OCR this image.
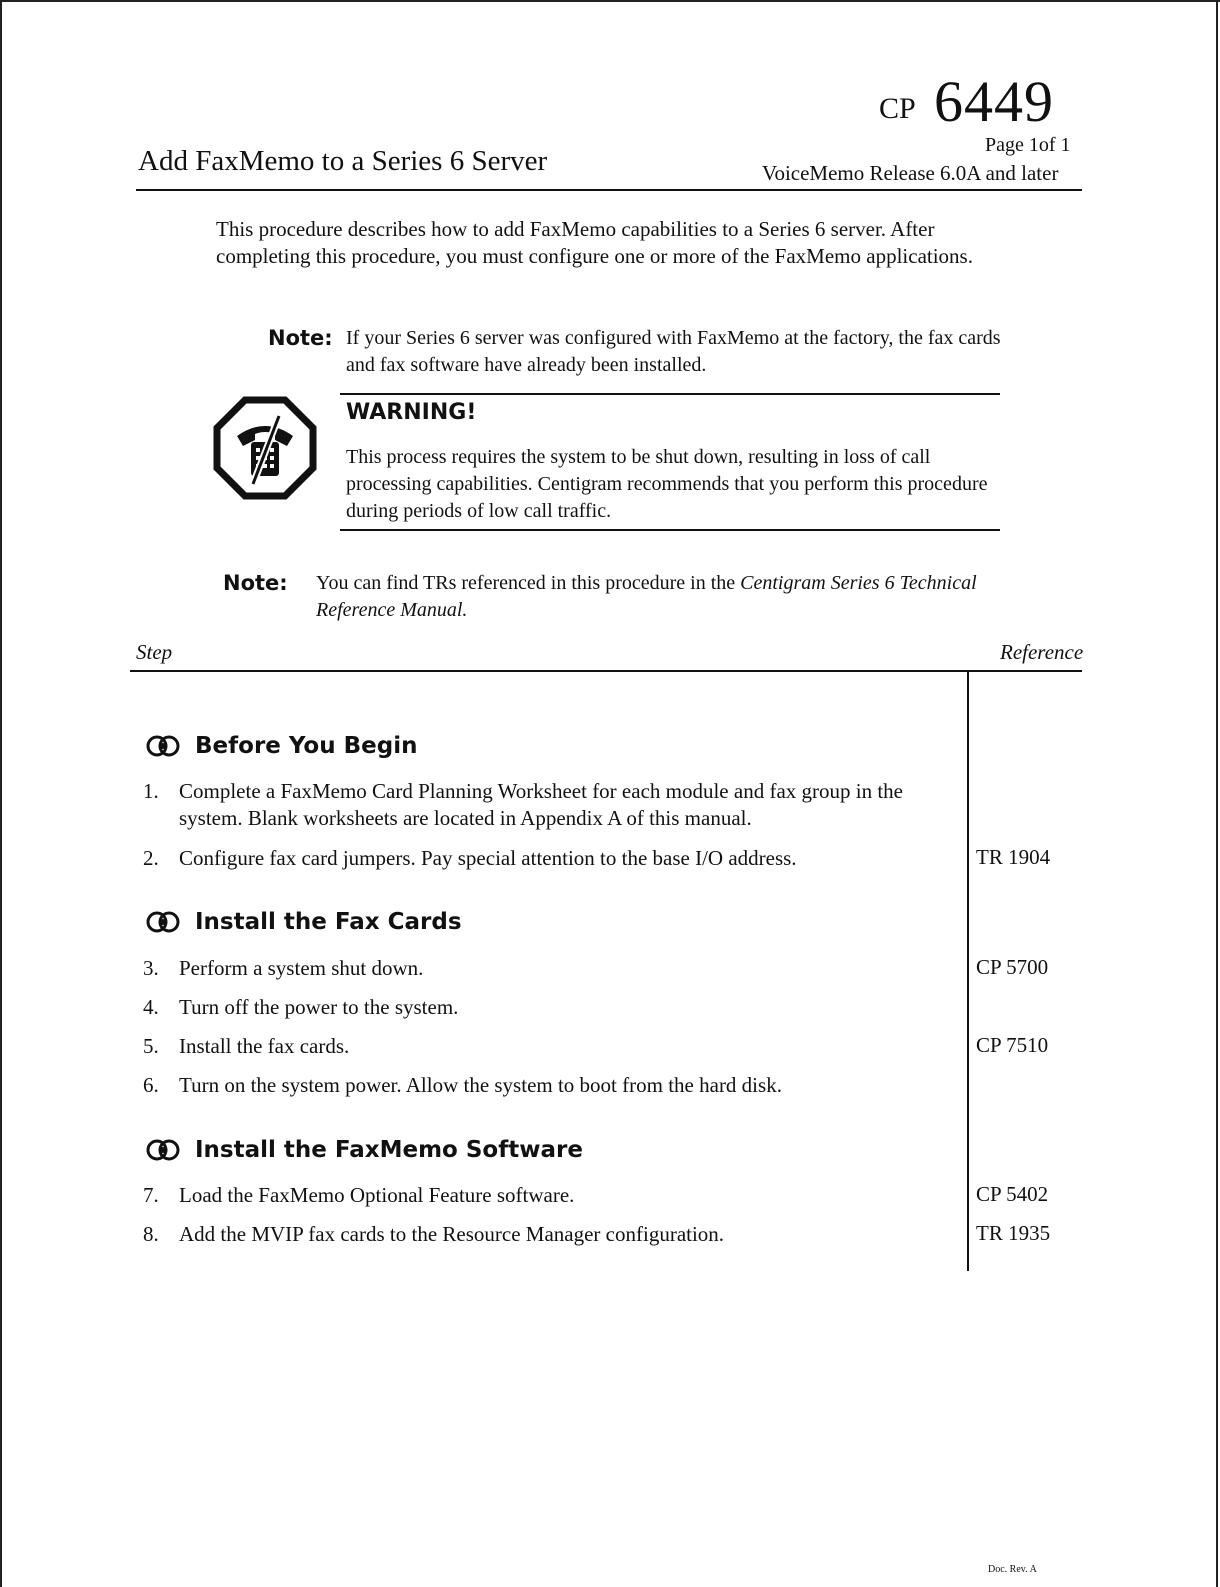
CP 6449
Page 1of 1
Add FaxMemo to a Series 6 Server	VoiceMemo Release 6.0A and later
This procedure describes how to add FaxMemo capabilities to a Series 6 server. After completing this procedure, you must configure one or more of the FaxMemo applications.
Note: If your Series 6 server was configured with FaxMemo at the factory, the fax cards and fax software have already been installed.
WARNING!
This process requires the system to be shut down, resulting in loss of call processing capabilities. Centigram recommends that you perform this procedure during periods of low call traffic.
Note: You can find TRs referenced in this procedure in the Centigram Series 6 Technical Reference Manual.
Step	Reference
Before You Begin
1. Complete a FaxMemo Card Planning Worksheet for each module and fax group in the system. Blank worksheets are located in Appendix A of this manual.
2. Configure fax card jumpers. Pay special attention to the base I/O address.	TR 1904
Install the Fax Cards
3. Perform a system shut down.	CP 5700
4. Turn off the power to the system.
5. Install the fax cards.	CP 7510
6. Turn on the system power. Allow the system to boot from the hard disk.
Install the FaxMemo Software
7. Load the FaxMemo Optional Feature software.	CP 5402
8. Add the MVIP fax cards to the Resource Manager configuration.	TR 1935
Doc. Rev. A
